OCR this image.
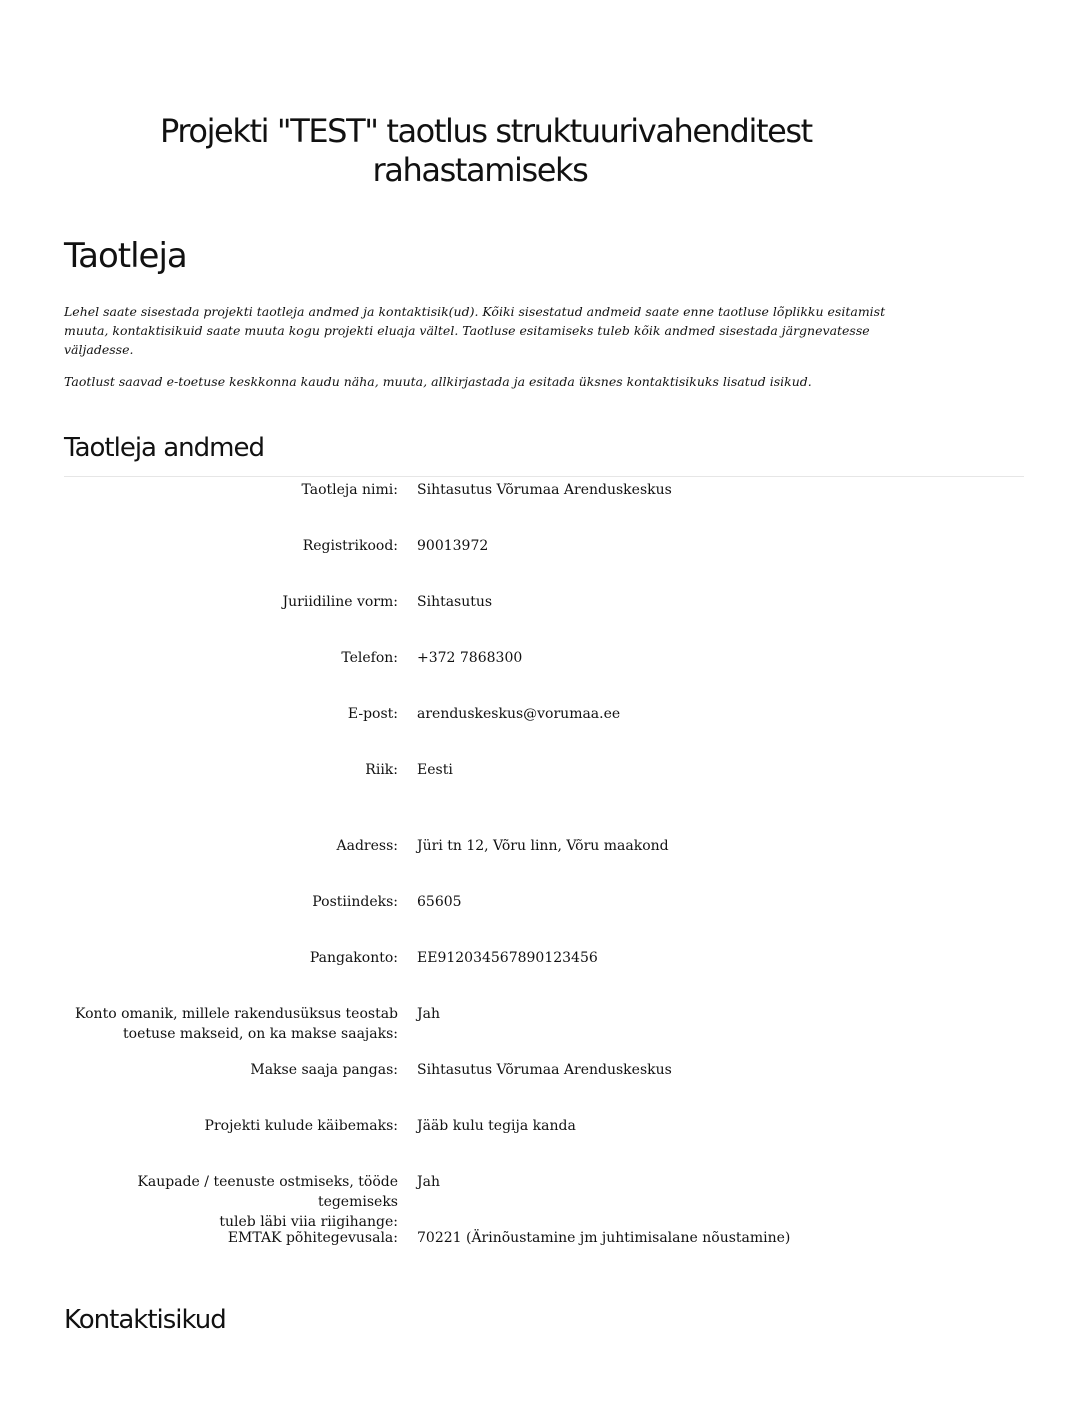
Projekti "TEST" taotlus struktuurivahenditest
rahastamiseks
Taotleja

Lehel saate sisestada projekti taotleja andmed ja kontaktisik(ud). Kõiki sisestatud andmeid saate enne taotluse lõplikku esitamist muuta, kontaktisikuid saate muuta kogu projekti eluaja vältel. Taotluse esitamiseks tuleb kõik andmed sisestada järgnevatesse väljadesse.

Taotlust saavad e-toetuse keskkonna kaudu näha, muuta, allkirjastada ja esitada üksnes kontaktisikuks lisatud isikud.

Taotleja andmed
Taotleja nimi: Sihtasutus Võrumaa Arenduskeskus
Registrikood: 90013972
Juriidiline vorm: Sihtasutus
Telefon: +372 7868300
E-post: arenduskeskus@vorumaa.ee
Riik: Eesti
Aadress: Jüri tn 12, Võru linn, Võru maakond
Postiindeks: 65605
Pangakonto: EE912034567890123456
Konto omanik, millele rakendusüksus teostab
toetuse makseid, on ka makse saajaks:
Jah
Makse saaja pangas: Sihtasutus Võrumaa Arenduskeskus
Projekti kulude käibemaks: Jääb kulu tegija kanda
Kaupade / teenuste ostmiseks, tööde tegemiseks
tuleb läbi viia riigihange:
Jah
EMTAK põhitegevusala: 70221 (Ärinõustamine jm juhtimisalane nõustamine)
Kontaktisikud
